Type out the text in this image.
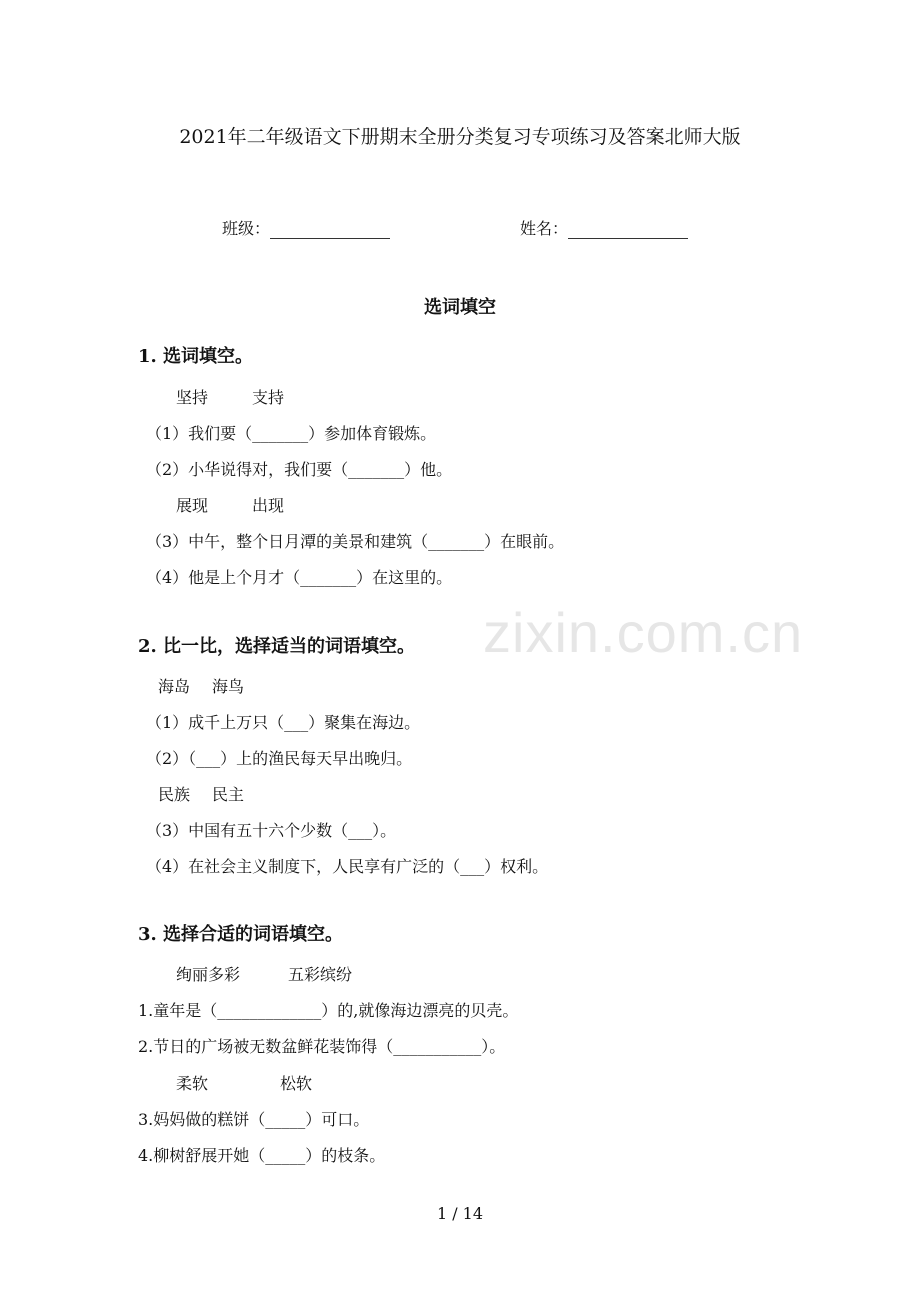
2021年二年级语文下册期末全册分类复习专项练习及答案北师大版
班级：	姓名：
选词填空
1. 选词填空。
坚持	支持
（1）我们要（_______）参加体育锻炼。
（2）小华说得对，我们要（_______）他。
展现	出现
（3）中午，整个日月潭的美景和建筑（_______）在眼前。
（4）他是上个月才（_______）在这里的。
zixin.com.cn
2. 比一比，选择适当的词语填空。
海岛 海鸟
（1）成千上万只（___）聚集在海边。
（2）（___）上的渔民每天早出晚归。
民族 民主
（3）中国有五十六个少数（___）。
（4）在社会主义制度下，人民享有广泛的（___）权利。
3. 选择合适的词语填空。
绚丽多彩	五彩缤纷
1.童年是（_____________）的,就像海边漂亮的贝壳。
2.节日的广场被无数盆鲜花装饰得（___________）。
柔软	松软
3.妈妈做的糕饼（_____）可口。
4.柳树舒展开她（_____）的枝条。
1 / 14
